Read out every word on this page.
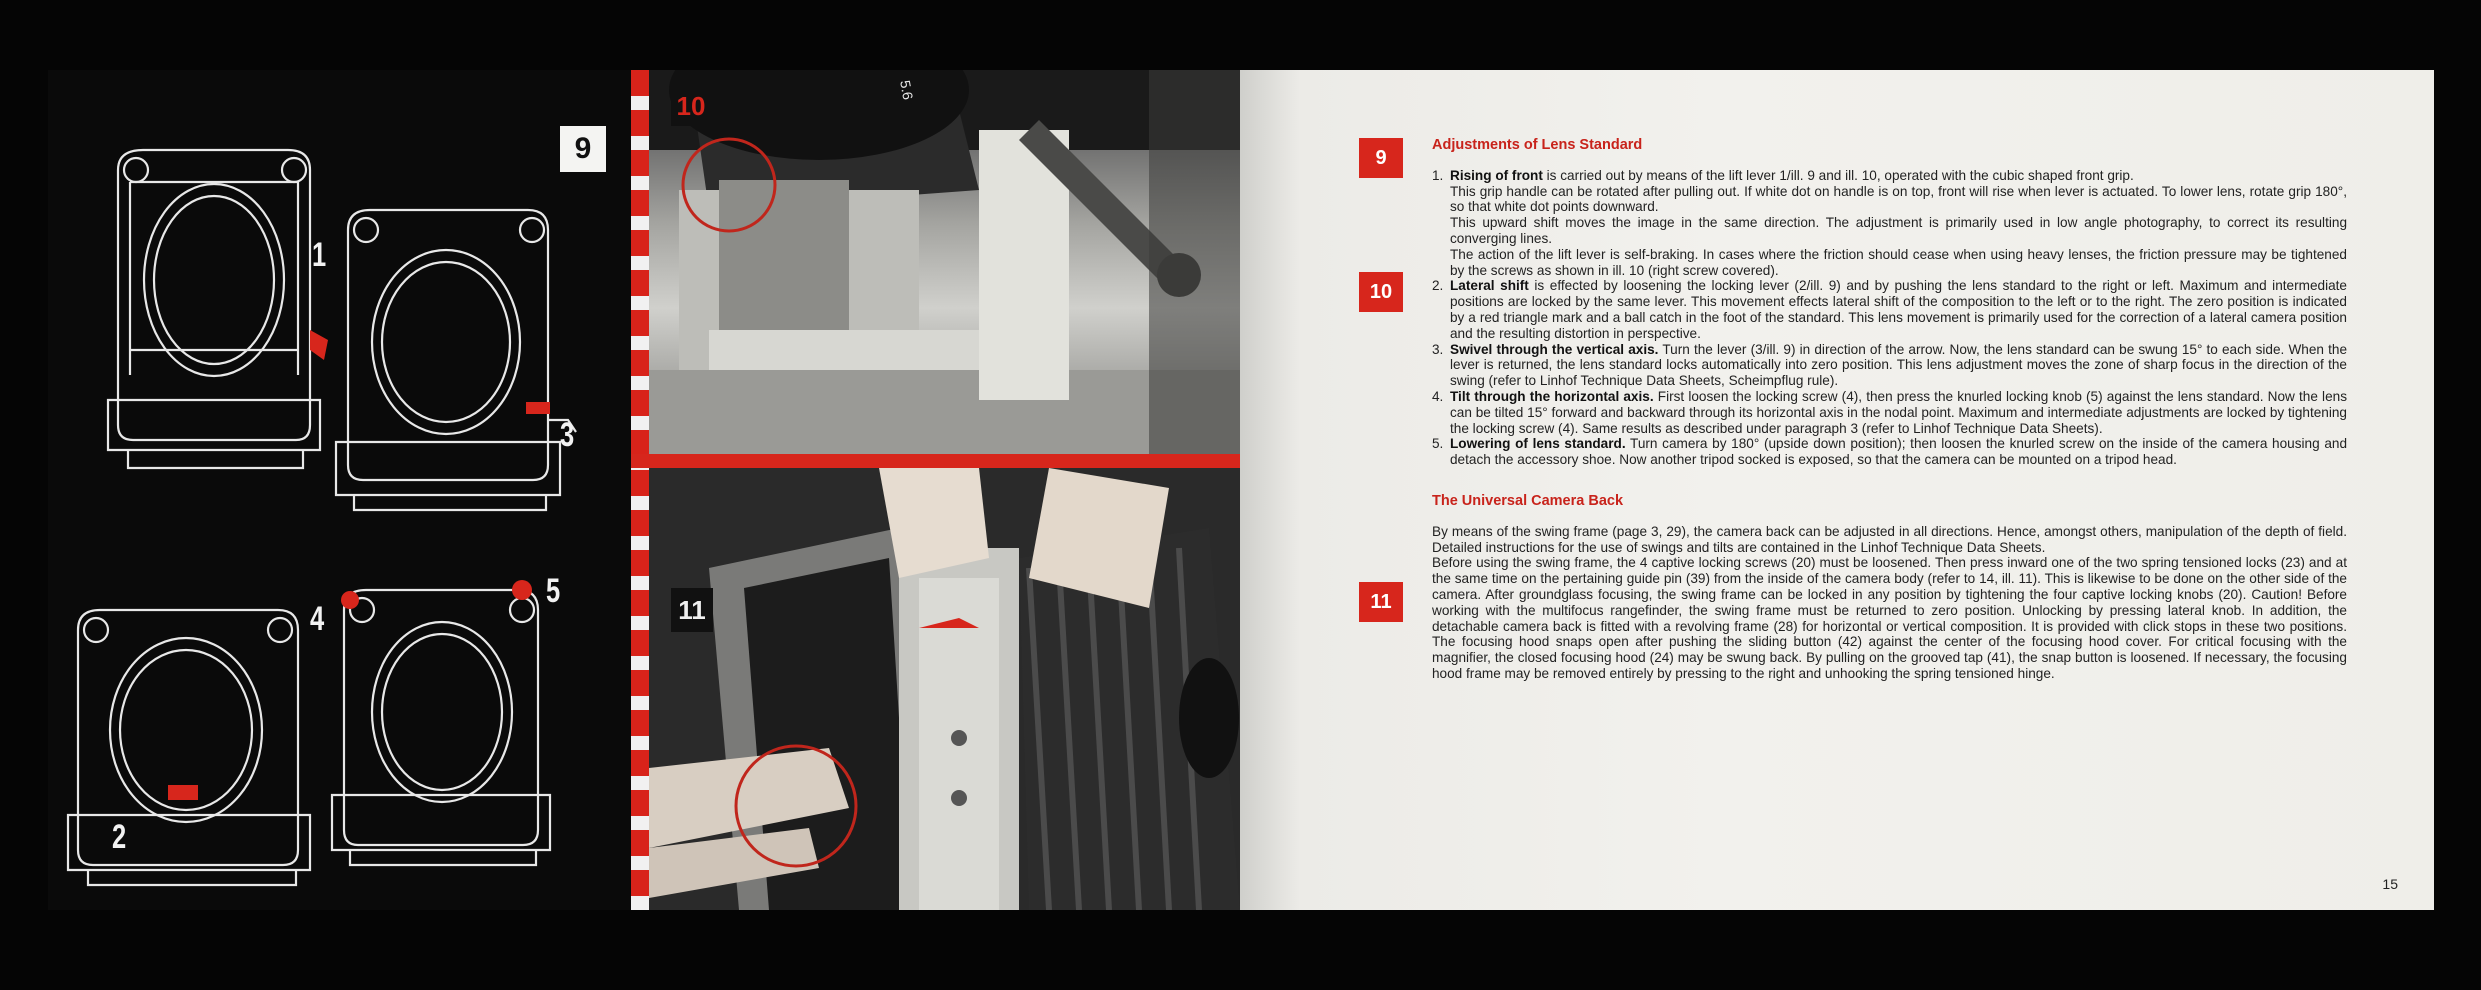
9
1
3
4
5
2
10
5.6
11
9
10
11
Adjustments of Lens Standard
1. Rising of front is carried out by means of the lift lever 1/ill. 9 and ill. 10, operated with the cubic shaped front grip.
This grip handle can be rotated after pulling out. If white dot on handle is on top, front will rise when lever is actuated. To lower lens, rotate grip 180°, so that white dot points downward.
This upward shift moves the image in the same direction. The adjustment is primarily used in low angle photography, to correct its resulting converging lines.
The action of the lift lever is self-braking. In cases where the friction should cease when using heavy lenses, the friction pressure may be tightened by the screws as shown in ill. 10 (right screw covered).
2. Lateral shift is effected by loosening the locking lever (2/ill. 9) and by pushing the lens standard to the right or left. Maximum and intermediate positions are locked by the same lever. This movement effects lateral shift of the composition to the left or to the right. The zero position is indicated by a red triangle mark and a ball catch in the foot of the standard. This lens movement is primarily used for the correction of a lateral camera position and the resulting distortion in perspective.
3. Swivel through the vertical axis. Turn the lever (3/ill. 9) in direction of the arrow. Now, the lens standard can be swung 15° to each side. When the lever is returned, the lens standard locks automatically into zero position. This lens adjustment moves the zone of sharp focus in the direction of the swing (refer to Linhof Technique Data Sheets, Scheimpflug rule).
4. Tilt through the horizontal axis. First loosen the locking screw (4), then press the knurled locking knob (5) against the lens standard. Now the lens can be tilted 15° forward and backward through its horizontal axis in the nodal point. Maximum and intermediate adjustments are locked by tightening the locking screw (4). Same results as described under paragraph 3 (refer to Linhof Technique Data Sheets).
5. Lowering of lens standard. Turn camera by 180° (upside down position); then loosen the knurled screw on the inside of the camera housing and detach the accessory shoe. Now another tripod socked is exposed, so that the camera can be mounted on a tripod head.
The Universal Camera Back

By means of the swing frame (page 3, 29), the camera back can be adjusted in all directions. Hence, amongst others, manipulation of the depth of field. Detailed instructions for the use of swings and tilts are contained in the Linhof Technique Data Sheets.

Before using the swing frame, the 4 captive locking screws (20) must be loosened. Then press inward one of the two spring tensioned locks (23) and at the same time on the pertaining guide pin (39) from the inside of the camera body (refer to 14, ill. 11). This is likewise to be done on the other side of the camera. After groundglass focusing, the swing frame can be locked in any position by tightening the four captive locking knobs (20). Caution! Before working with the multifocus rangefinder, the swing frame must be returned to zero position. Unlocking by pressing lateral knob. In addition, the detachable camera back is fitted with a revolving frame (28) for horizontal or vertical composition. It is provided with click stops in these two positions. The focusing hood snaps open after pushing the sliding button (42) against the center of the focusing hood cover. For critical focusing with the magnifier, the closed focusing hood (24) may be swung back. By pulling on the grooved tap (41), the snap button is loosened. If necessary, the focusing hood frame may be removed entirely by pressing to the right and unhooking the spring tensioned hinge.

15
